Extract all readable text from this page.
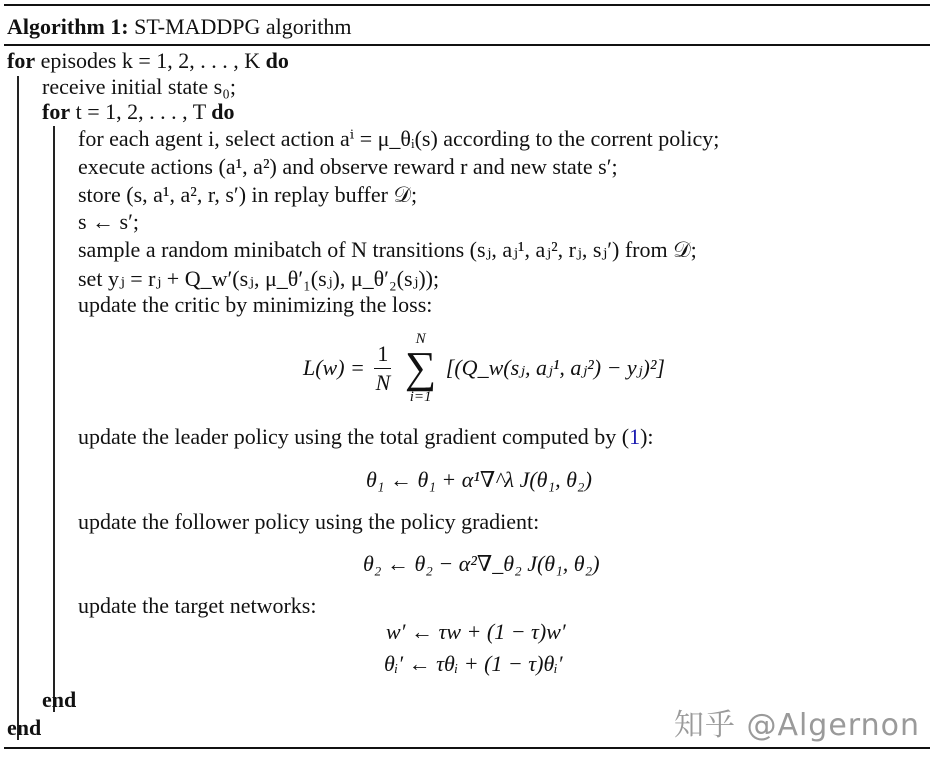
Algorithm 1: ST-MADDPG algorithm
for episodes k = 1, 2, . . . , K do
receive initial state s₀;
for t = 1, 2, . . . , T do
for each agent i, select action aⁱ = μ_θᵢ(s) according to the corrent policy;
execute actions (a¹, a²) and observe reward r and new state s′;
store (s, a¹, a², r, s′) in replay buffer 𝒟;
s ← s′;
sample a random minibatch of N transitions (sⱼ, aⱼ¹, aⱼ², rⱼ, sⱼ′) from 𝒟;
set yⱼ = rⱼ + Q_w′(sⱼ, μ_θ′₁(sⱼ), μ_θ′₂(sⱼ));
update the critic by minimizing the loss:
$L(w) = \frac{1}{N}$

N
∑
i=1
[(Q_w(sⱼ, aⱼ¹, aⱼ²) − yⱼ)²]
update the leader policy using the total gradient computed by (1):
θ₁ ← θ₁ + α¹∇^λ J(θ₁, θ₂)
update the follower policy using the policy gradient:
θ₂ ← θ₂ − α²∇_θ₂ J(θ₁, θ₂)
update the target networks:
w′ ← τw + (1 − τ)w′
θᵢ′ ← τθᵢ + (1 − τ)θᵢ′
end
end	知乎 @Algernon
